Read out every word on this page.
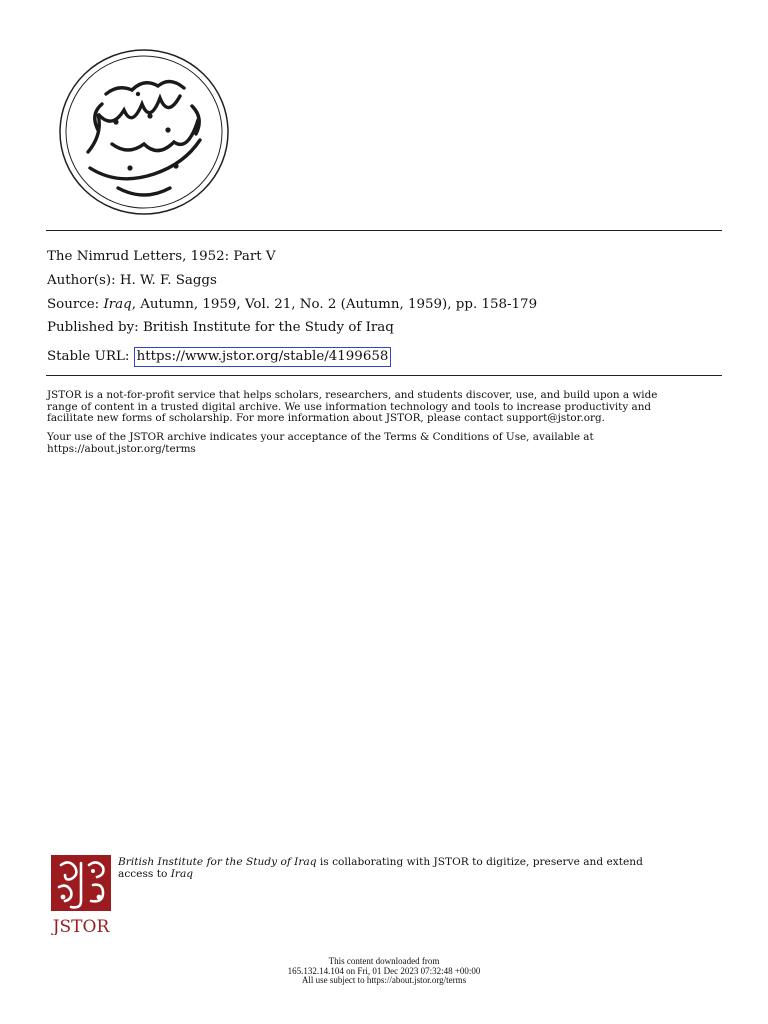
The Nimrud Letters, 1952: Part V
Author(s): H. W. F. Saggs
Source: Iraq, Autumn, 1959, Vol. 21, No. 2 (Autumn, 1959), pp. 158-179
Published by: British Institute for the Study of Iraq
Stable URL: https://www.jstor.org/stable/4199658
JSTOR is a not-for-profit service that helps scholars, researchers, and students discover, use, and build upon a wide
range of content in a trusted digital archive. We use information technology and tools to increase productivity and
facilitate new forms of scholarship. For more information about JSTOR, please contact support@jstor.org.
Your use of the JSTOR archive indicates your acceptance of the Terms & Conditions of Use, available at
https://about.jstor.org/terms
JSTOR
British Institute for the Study of Iraq is collaborating with JSTOR to digitize, preserve and extend access to Iraq
This content downloaded from
165.132.14.104 on Fri, 01 Dec 2023 07:32:48 +00:00
All use subject to https://about.jstor.org/terms
